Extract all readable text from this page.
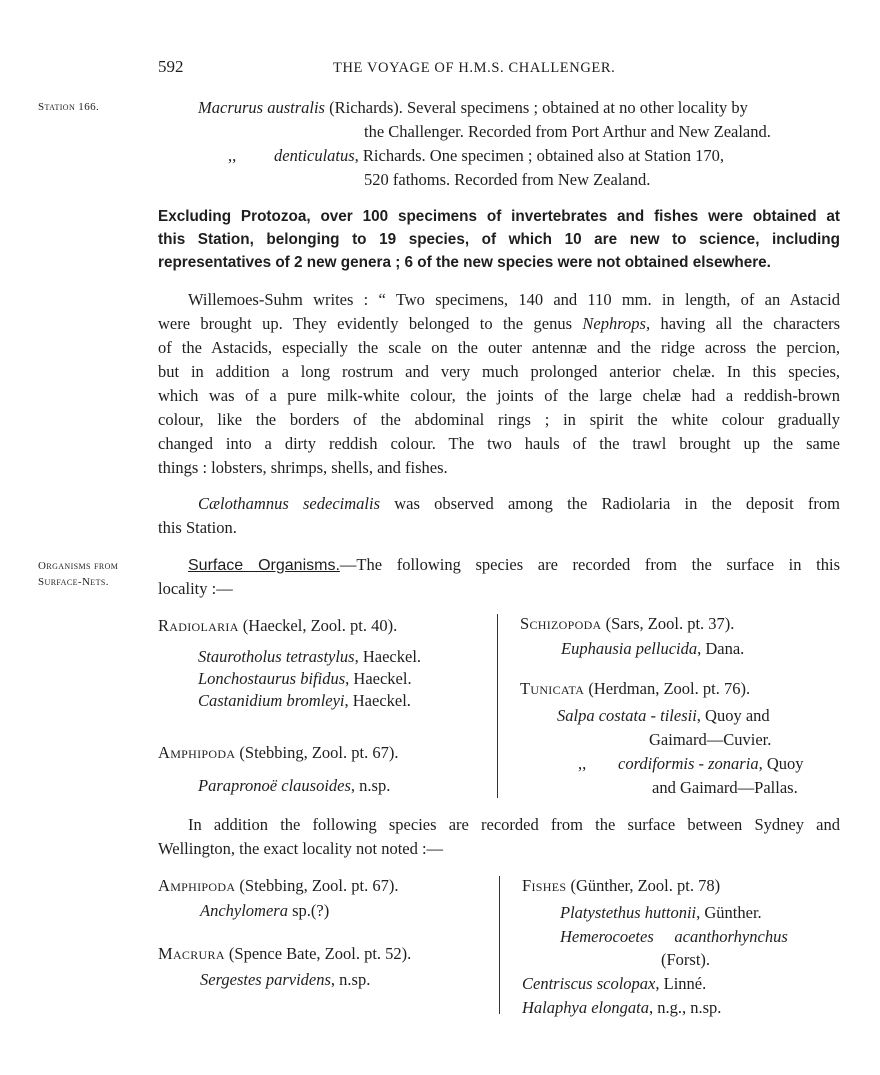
592	THE VOYAGE OF H.M.S. CHALLENGER.
Station 166.
Organisms from
Surface-Nets.
Macrurus australis (Richards). Several specimens ; obtained at no other locality by
the Challenger. Recorded from Port Arthur and New Zealand.
,, denticulatus, Richards. One specimen ; obtained also at Station 170,
520 fathoms. Recorded from New Zealand.
Excluding Protozoa, over 100 specimens of invertebrates and fishes were obtained at
this Station, belonging to 19 species, of which 10 are new to science, including
representatives of 2 new genera ; 6 of the new species were not obtained elsewhere.
Willemoes-Suhm writes : “ Two specimens, 140 and 110 mm. in length, of an Astacid
were brought up. They evidently belonged to the genus Nephrops, having all the characters
of the Astacids, especially the scale on the outer antennæ and the ridge across the percion,
but in addition a long rostrum and very much prolonged anterior chelæ. In this species,
which was of a pure milk-white colour, the joints of the large chelæ had a reddish-brown
colour, like the borders of the abdominal rings ; in spirit the white colour gradually
changed into a dirty reddish colour. The two hauls of the trawl brought up the same
things : lobsters, shrimps, shells, and fishes.
Cælothamnus sedecimalis was observed among the Radiolaria in the deposit from
this Station.
Surface Organisms.—The following species are recorded from the surface in this
locality :—
Radiolaria (Haeckel, Zool. pt. 40).
Staurotholus tetrastylus, Haeckel.
Lonchostaurus bifidus, Haeckel.
Castanidium bromleyi, Haeckel.
Amphipoda (Stebbing, Zool. pt. 67).
Parapronoë clausoides, n.sp.
Schizopoda (Sars, Zool. pt. 37).
Euphausia pellucida, Dana.
Tunicata (Herdman, Zool. pt. 76).
Salpa costata - tilesii, Quoy and
Gaimard—Cuvier.
,, cordiformis - zonaria, Quoy
and Gaimard—Pallas.
In addition the following species are recorded from the surface between Sydney and
Wellington, the exact locality not noted :—
Amphipoda (Stebbing, Zool. pt. 67).
Anchylomera sp.(?)
Macrura (Spence Bate, Zool. pt. 52).
Sergestes parvidens, n.sp.
Fishes (Günther, Zool. pt. 78)
Platystethus huttonii, Günther.
Hemerocoetes     acanthorhynchus
(Forst).
Centriscus scolopax, Linné.
Halaphya elongata, n.g., n.sp.
